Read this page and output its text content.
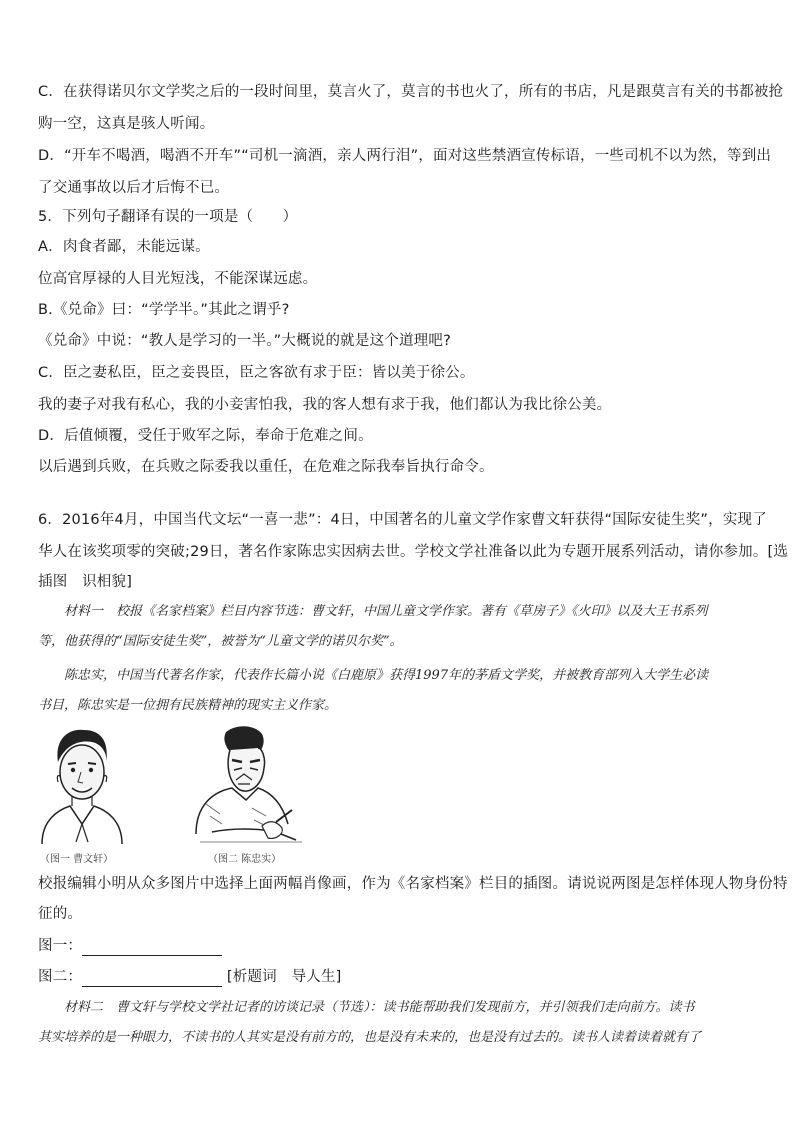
C．在获得诺贝尔文学奖之后的一段时间里，莫言火了，莫言的书也火了，所有的书店，凡是跟莫言有关的书都被抢
购一空，这真是骇人听闻。
D．“开车不喝酒，喝酒不开车”“司机一滴酒，亲人两行泪”，面对这些禁酒宣传标语，一些司机不以为然，等到出
了交通事故以后才后悔不已。
5．下列句子翻译有误的一项是（　　）
A．肉食者鄙，未能远谋。
位高官厚禄的人目光短浅，不能深谋远虑。
B.《兑命》曰：“学学半。”其此之谓乎?
《兑命》中说：“教人是学习的一半。”大概说的就是这个道理吧?
C．臣之妻私臣，臣之妾畏臣，臣之客欲有求于臣：皆以美于徐公。
我的妻子对我有私心，我的小妾害怕我，我的客人想有求于我，他们都认为我比徐公美。
D．后值倾覆，受任于败军之际，奉命于危难之间。
以后遇到兵败，在兵败之际委我以重任，在危难之际我奉旨执行命令。
6．2016年4月，中国当代文坛“一喜一悲”：4日，中国著名的儿童文学作家曹文轩获得“国际安徒生奖”，实现了
华人在该奖项零的突破;29日，著名作家陈忠实因病去世。学校文学社准备以此为专题开展系列活动，请你参加。[选
插图　识相貌]
材料一　校报《名家档案》栏目内容节选：曹文轩，中国儿童文学作家。著有《草房子》《火印》以及大王书系列
等，他获得的“国际安徒生奖”，被誉为“儿童文学的诺贝尔奖”。
陈忠实，中国当代著名作家，代表作长篇小说《白鹿原》获得1997年的茅盾文学奖，并被教育部列入大学生必读
书目，陈忠实是一位拥有民族精神的现实主义作家。
（图一 曹文轩）	（图二 陈忠实）
校报编辑小明从众多图片中选择上面两幅肖像画，作为《名家档案》栏目的插图。请说说两图是怎样体现人物身份特
征的。
图一：
图二：	[析题词　导人生]
材料二　曹文轩与学校文学社记者的访谈记录（节选）：读书能帮助我们发现前方，并引领我们走向前方。读书
其实培养的是一种眼力，不读书的人其实是没有前方的，也是没有未来的，也是没有过去的。读书人读着读着就有了
